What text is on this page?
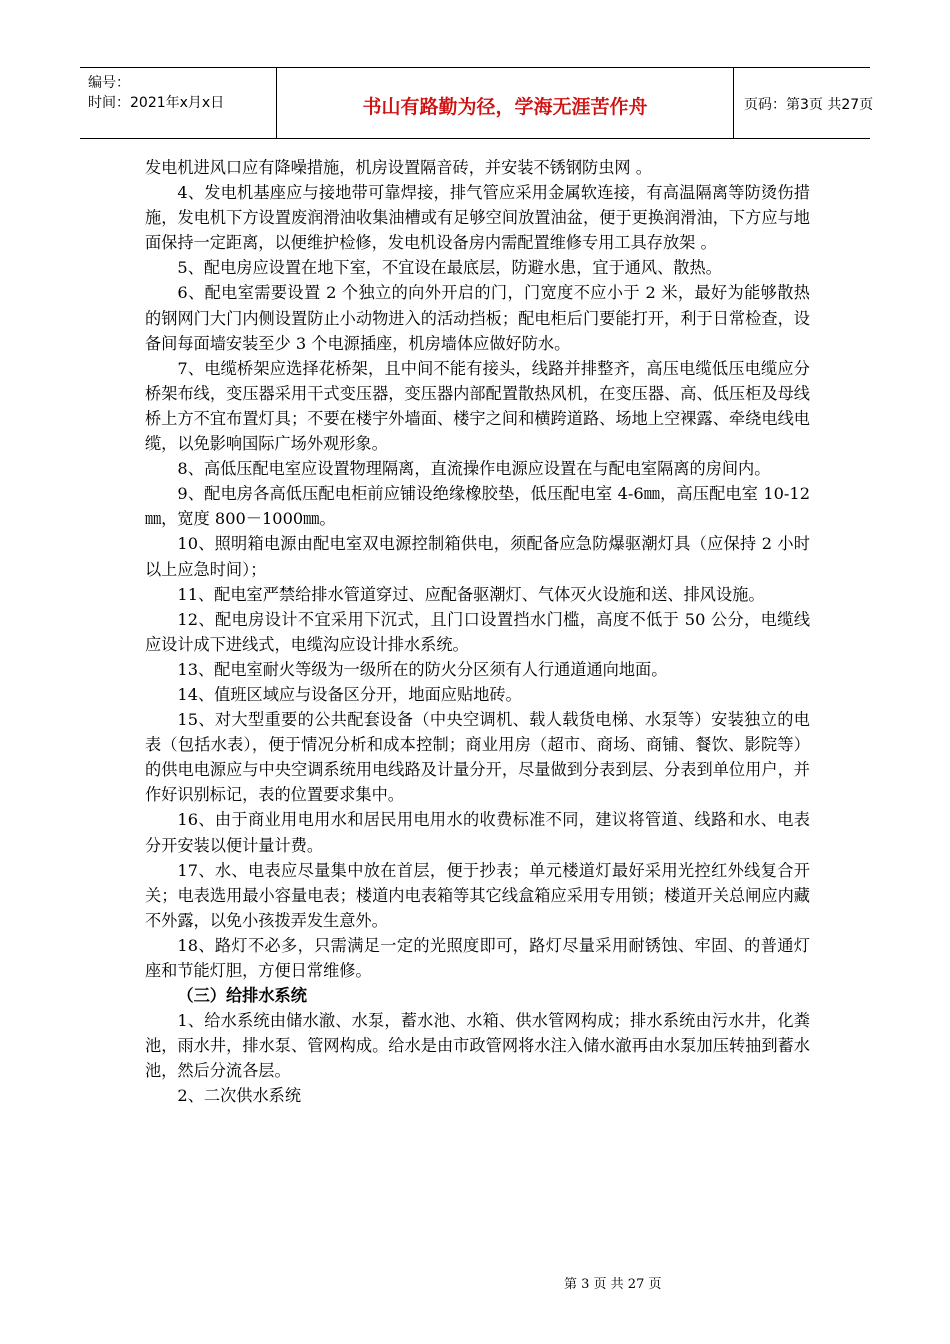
编号：
时间：2021年x月x日	书山有路勤为径，学海无涯苦作舟	页码：第3页 共27页

发电机进风口应有降噪措施，机房设置隔音砖，并安装不锈钢防虫网 。

4、发电机基座应与接地带可靠焊接，排气管应采用金属软连接，有高温隔离等防烫伤措施，发电机下方设置废润滑油收集油槽或有足够空间放置油盆，便于更换润滑油，下方应与地面保持一定距离，以便维护检修，发电机设备房内需配置维修专用工具存放架 。

5、配电房应设置在地下室，不宜设在最底层，防避水患，宜于通风、散热。

6、配电室需要设置 2 个独立的向外开启的门，门宽度不应小于 2 米，最好为能够散热的钢网门大门内侧设置防止小动物进入的活动挡板；配电柜后门要能打开，利于日常检查，设备间每面墙安装至少 3 个电源插座，机房墙体应做好防水。

7、电缆桥架应选择花桥架，且中间不能有接头，线路并排整齐，高压电缆低压电缆应分桥架布线，变压器采用干式变压器，变压器内部配置散热风机，在变压器、高、低压柜及母线桥上方不宜布置灯具；不要在楼宇外墙面、楼宇之间和横跨道路、场地上空裸露、牵绕电线电缆，以免影响国际广场外观形象。

8、高低压配电室应设置物理隔离，直流操作电源应设置在与配电室隔离的房间内。

9、配电房各高低压配电柜前应铺设绝缘橡胶垫，低压配电室 4-6㎜，高压配电室 10-12㎜，宽度 800－1000㎜。

10、照明箱电源由配电室双电源控制箱供电，须配备应急防爆驱潮灯具（应保持 2 小时以上应急时间）；

11、配电室严禁给排水管道穿过、应配备驱潮灯、气体灭火设施和送、排风设施。

12、配电房设计不宜采用下沉式，且门口设置挡水门槛，高度不低于 50 公分，电缆线应设计成下进线式，电缆沟应设计排水系统。

13、配电室耐火等级为一级所在的防火分区须有人行通道通向地面。

14、值班区域应与设备区分开，地面应贴地砖。

15、对大型重要的公共配套设备（中央空调机、载人载货电梯、水泵等）安装独立的电表（包括水表），便于情况分析和成本控制；商业用房（超市、商场、商铺、餐饮、影院等）的供电电源应与中央空调系统用电线路及计量分开，尽量做到分表到层、分表到单位用户，并作好识别标记，表的位置要求集中。

16、由于商业用电用水和居民用电用水的收费标准不同，建议将管道、线路和水、电表分开安装以便计量计费。

17、水、电表应尽量集中放在首层，便于抄表；单元楼道灯最好采用光控红外线复合开关；电表选用最小容量电表；楼道内电表箱等其它线盒箱应采用专用锁；楼道开关总闸应内藏不外露，以免小孩拨弄发生意外。

18、路灯不必多，只需满足一定的光照度即可，路灯尽量采用耐锈蚀、牢固、的普通灯座和节能灯胆，方便日常维修。

（三）给排水系统

1、给水系统由储水澈、水泵，蓄水池、水箱、供水管网构成；排水系统由污水井，化粪池，雨水井，排水泵、管网构成。给水是由市政管网将水注入储水澈再由水泵加压转抽到蓄水池，然后分流各层。

2、二次供水系统

第 3 页 共 27 页
